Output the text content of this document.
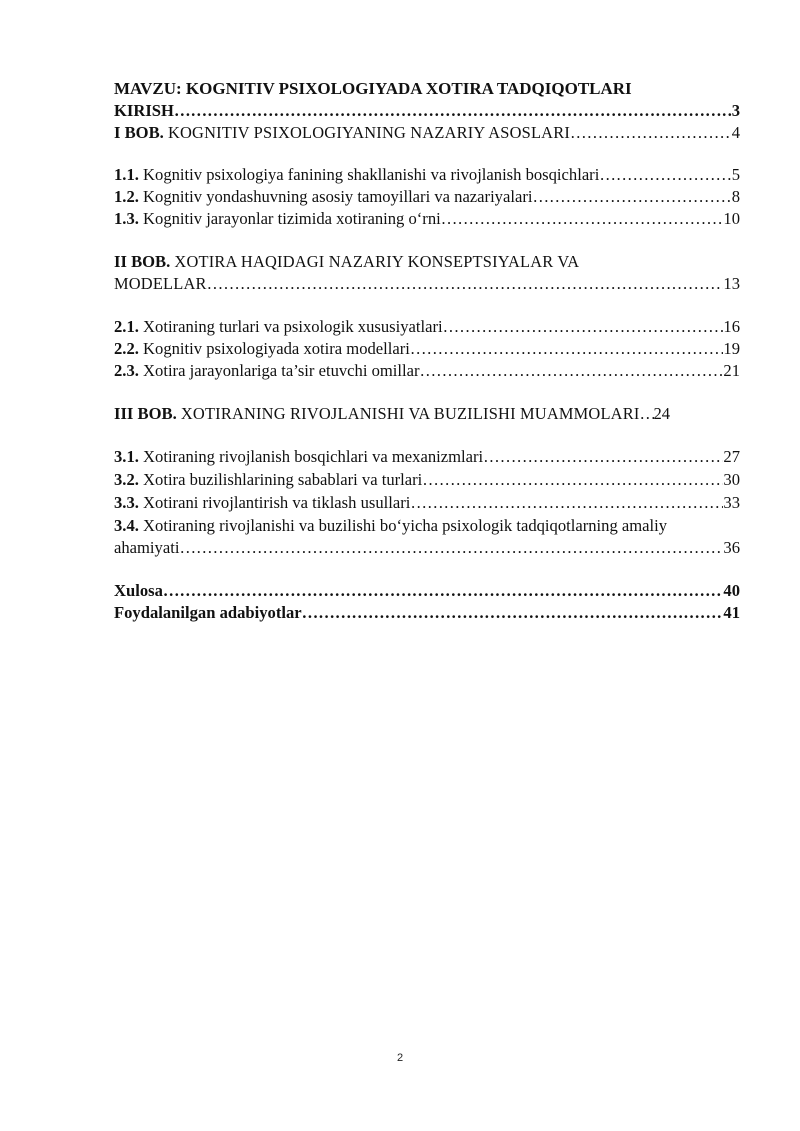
MAVZU: KOGNITIV PSIXOLOGIYADA XOTIRA TADQIQOTLARI
KIRISH ……………………………………………………………………………………………………………………………………………………………………………………………………………………………	3
I BOB. KOGNITIV PSIXOLOGIYANING NAZARIY ASOSLARI ……………………………………………………………………………………………………………………………………………………………………………………………………………………………	4
1.1. Kognitiv psixologiya fanining shakllanishi va rivojlanish bosqichlari ……………………………………………………………………………………………………………………………………………………………………………………………………………………………	5
1.2. Kognitiv yondashuvning asosiy tamoyillari va nazariyalari ……………………………………………………………………………………………………………………………………………………………………………………………………………………………	8
1.3. Kognitiv jarayonlar tizimida xotiraning o‘rni ……………………………………………………………………………………………………………………………………………………………………………………………………………………………	10
II BOB. XOTIRA HAQIDAGI NAZARIY KONSEPTSIYALAR VA
MODELLAR ……………………………………………………………………………………………………………………………………………………………………………………………………………………………	13
2.1. Xotiraning turlari va psixologik xususiyatlari ……………………………………………………………………………………………………………………………………………………………………………………………………………………………	16
2.2. Kognitiv psixologiyada xotira modellari ……………………………………………………………………………………………………………………………………………………………………………………………………………………………	19
2.3. Xotira jarayonlariga ta’sir etuvchi omillar ……………………………………………………………………………………………………………………………………………………………………………………………………………………………	21
III BOB. XOTIRANING RIVOJLANISHI VA BUZILISHI MUAMMOLARI …………………………………………………………………………………………………………………………………………………………………………………………………………………………… 24
3.1. Xotiraning rivojlanish bosqichlari va mexanizmlari ……………………………………………………………………………………………………………………………………………………………………………………………………………………………	27
3.2. Xotira buzilishlarining sabablari va turlari ……………………………………………………………………………………………………………………………………………………………………………………………………………………………	30
3.3. Xotirani rivojlantirish va tiklash usullari ……………………………………………………………………………………………………………………………………………………………………………………………………………………………	33
3.4. Xotiraning rivojlanishi va buzilishi bo‘yicha psixologik tadqiqotlarning amaliy
ahamiyati ……………………………………………………………………………………………………………………………………………………………………………………………………………………………	36
Xulosa ……………………………………………………………………………………………………………………………………………………………………………………………………………………………	40
Foydalanilgan adabiyotlar ……………………………………………………………………………………………………………………………………………………………………………………………………………………………	41
2
